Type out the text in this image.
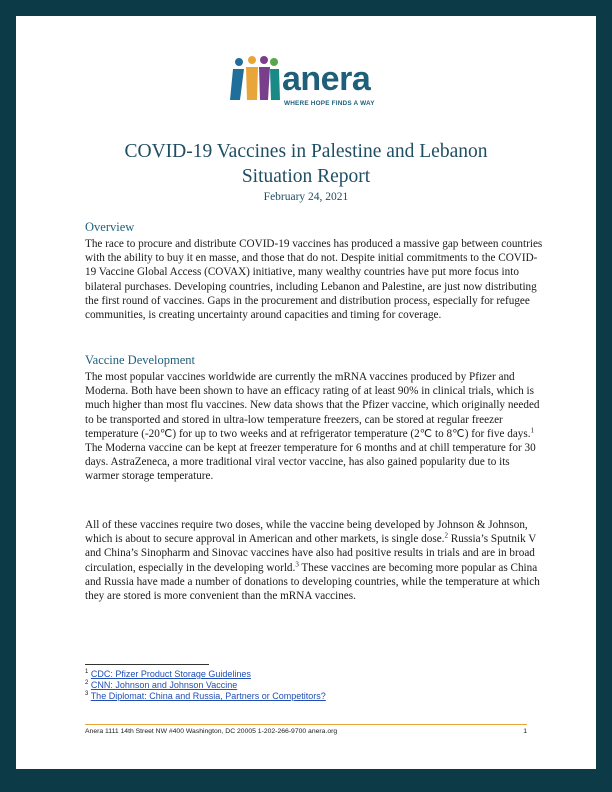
anera
WHERE HOPE FINDS A WAY
COVID-19 Vaccines in Palestine and Lebanon
Situation Report
February 24, 2021
Overview

The race to procure and distribute COVID-19 vaccines has produced a massive gap between countries with the ability to buy it en masse, and those that do not. Despite initial commitments to the COVID-19 Vaccine Global Access (COVAX) initiative, many wealthy countries have put more focus into bilateral purchases. Developing countries, including Lebanon and Palestine, are just now distributing the first round of vaccines. Gaps in the procurement and distribution process, especially for refugee communities, is creating uncertainty around capacities and timing for coverage.

Vaccine Development

The most popular vaccines worldwide are currently the mRNA vaccines produced by Pfizer and Moderna. Both have been shown to have an efficacy rating of at least 90% in clinical trials, which is much higher than most flu vaccines. New data shows that the Pfizer vaccine, which originally needed to be transported and stored in ultra-low temperature freezers, can be stored at regular freezer temperature (-20℃) for up to two weeks and at refrigerator temperature (2℃ to 8℃) for five days.$^1$ The Moderna vaccine can be kept at freezer temperature for 6 months and at chill temperature for 30 days. AstraZeneca, a more traditional viral vector vaccine, has also gained popularity due to its warmer storage temperature.

All of these vaccines require two doses, while the vaccine being developed by Johnson & Johnson, which is about to secure approval in American and other markets, is single dose.$^2$ Russia’s Sputnik V and China’s Sinopharm and Sinovac vaccines have also had positive results in trials and are in broad circulation, especially in the developing world.$^3$ These vaccines are becoming more popular as China and Russia have made a number of donations to developing countries, while the temperature at which they are stored is more convenient than the mRNA vaccines.

$^1$ CDC: Pfizer Product Storage Guidelines
$^2$ CNN: Johnson and Johnson Vaccine
$^3$ The Diplomat: China and Russia, Partners or Competitors?
Anera 1111 14th Street NW #400 Washington, DC 20005 1-202-266-9700 anera.org	1
